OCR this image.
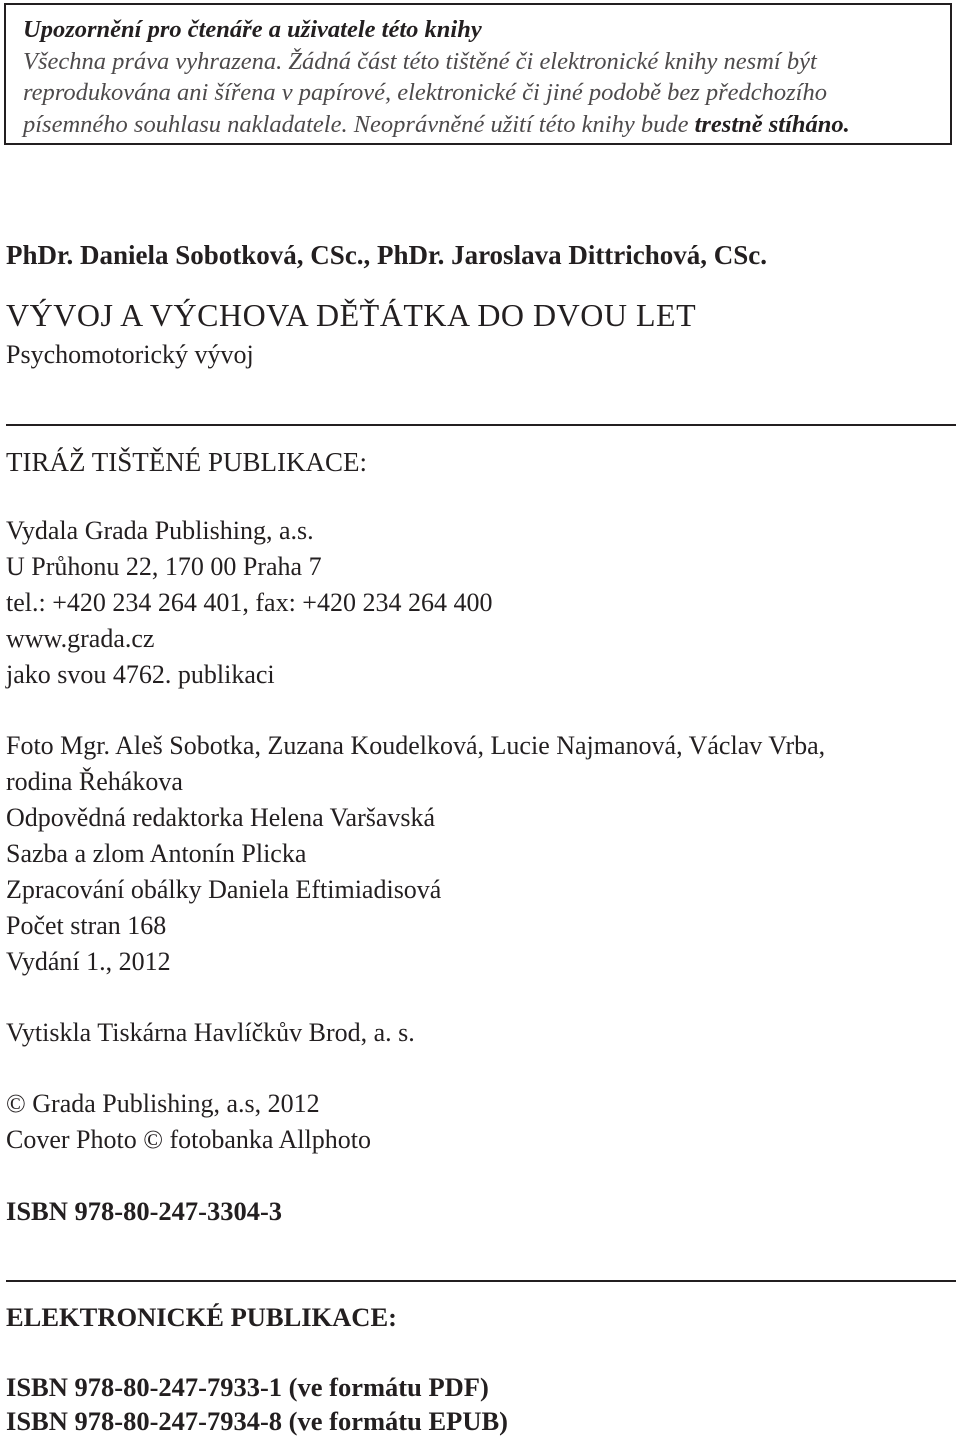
Upozornění pro čtenáře a uživatele této knihy
Všechna práva vyhrazena. Žádná část této tištěné či elektronické knihy nesmí být
reprodukována ani šířena v papírové, elektronické či jiné podobě bez předchozího
písemného souhlasu nakladatele. Neoprávněné užití této knihy bude trestně stíháno.
PhDr. Daniela Sobotková, CSc., PhDr. Jaroslava Dittrichová, CSc.
VÝVOJ A VÝCHOVA DĚŤÁTKA DO DVOU LET
Psychomotorický vývoj
TIRÁŽ TIŠTĚNÉ PUBLIKACE:
Vydala Grada Publishing, a.s.
U Průhonu 22, 170 00 Praha 7
tel.: +420 234 264 401, fax: +420 234 264 400
www.grada.cz
jako svou 4762. publikaci
Foto Mgr. Aleš Sobotka, Zuzana Koudelková, Lucie Najmanová, Václav Vrba,
rodina Řehákova
Odpovědná redaktorka Helena Varšavská
Sazba a zlom Antonín Plicka
Zpracování obálky Daniela Eftimiadisová
Počet stran 168
Vydání 1., 2012
Vytiskla Tiskárna Havlíčkův Brod, a. s.
© Grada Publishing, a.s, 2012
Cover Photo © fotobanka Allphoto
ISBN 978-80-247-3304-3
ELEKTRONICKÉ PUBLIKACE:
ISBN 978-80-247-7933-1 (ve formátu PDF)
ISBN 978-80-247-7934-8 (ve formátu EPUB)
